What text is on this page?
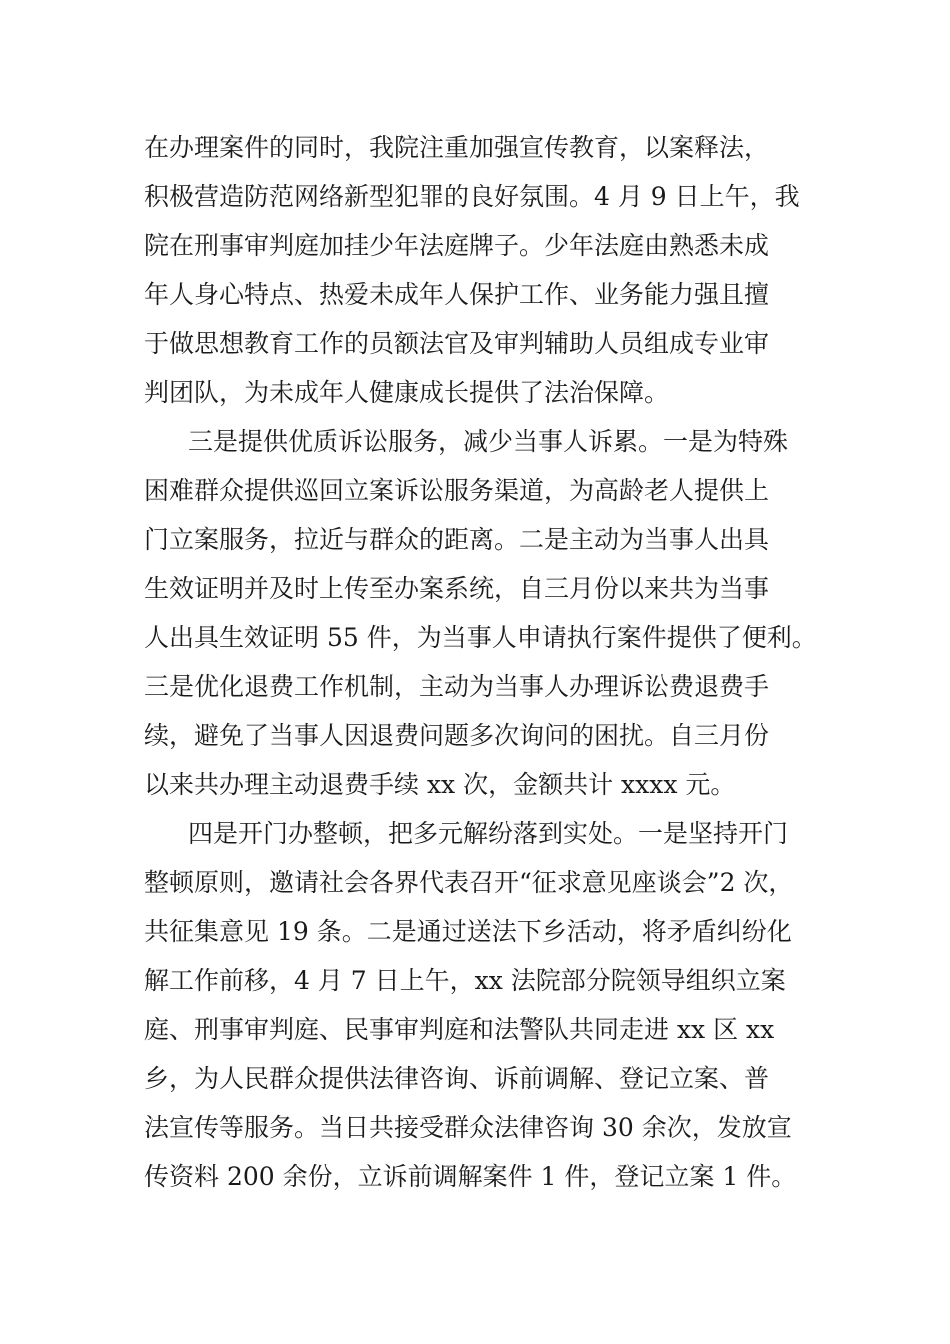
在办理案件的同时，我院注重加强宣传教育，以案释法，
积极营造防范网络新型犯罪的良好氛围。4 月 9 日上午，我
院在刑事审判庭加挂少年法庭牌子。少年法庭由熟悉未成
年人身心特点、热爱未成年人保护工作、业务能力强且擅
于做思想教育工作的员额法官及审判辅助人员组成专业审
判团队，为未成年人健康成长提供了法治保障。
三是提供优质诉讼服务，减少当事人诉累。一是为特殊
困难群众提供巡回立案诉讼服务渠道，为高龄老人提供上
门立案服务，拉近与群众的距离。二是主动为当事人出具
生效证明并及时上传至办案系统，自三月份以来共为当事
人出具生效证明 55 件，为当事人申请执行案件提供了便利。
三是优化退费工作机制，主动为当事人办理诉讼费退费手
续，避免了当事人因退费问题多次询问的困扰。自三月份
以来共办理主动退费手续 xx 次，金额共计 xxxx 元。
四是开门办整顿，把多元解纷落到实处。一是坚持开门
整顿原则，邀请社会各界代表召开“征求意见座谈会”2 次，
共征集意见 19 条。二是通过送法下乡活动，将矛盾纠纷化
解工作前移，4 月 7 日上午，xx 法院部分院领导组织立案
庭、刑事审判庭、民事审判庭和法警队共同走进 xx 区 xx
乡，为人民群众提供法律咨询、诉前调解、登记立案、普
法宣传等服务。当日共接受群众法律咨询 30 余次，发放宣
传资料 200 余份，立诉前调解案件 1 件，登记立案 1 件。
